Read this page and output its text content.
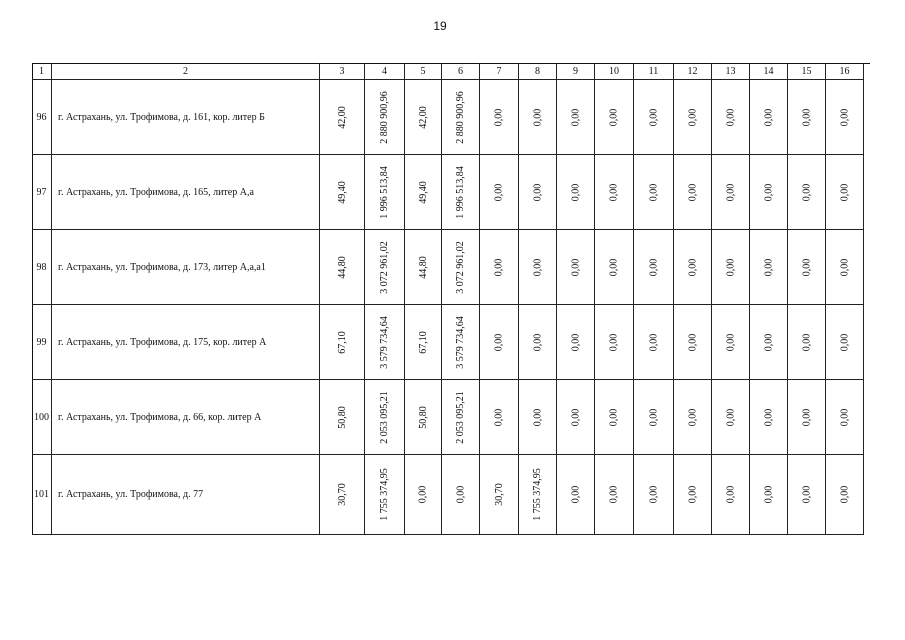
19
1	2	3	4	5	6	7	8	9	10	11	12	13	14	15	16
96	г. Астрахань, ул. Трофимова, д. 161, кор. литер Б	42,00	2 880 900,96	42,00	2 880 900,96	0,00	0,00	0,00	0,00	0,00	0,00	0,00	0,00	0,00	0,00
97	г. Астрахань, ул. Трофимова, д. 165, литер А,а	49,40	1 996 513,84	49,40	1 996 513,84	0,00	0,00	0,00	0,00	0,00	0,00	0,00	0,00	0,00	0,00
98	г. Астрахань, ул. Трофимова, д. 173, литер А,а,а1	44,80	3 072 961,02	44,80	3 072 961,02	0,00	0,00	0,00	0,00	0,00	0,00	0,00	0,00	0,00	0,00
99	г. Астрахань, ул. Трофимова, д. 175, кор. литер А	67,10	3 579 734,64	67,10	3 579 734,64	0,00	0,00	0,00	0,00	0,00	0,00	0,00	0,00	0,00	0,00
100 г. Астрахань, ул. Трофимова, д. 66, кор. литер А	50,80	2 053 095,21	50,80	2 053 095,21	0,00	0,00	0,00	0,00	0,00	0,00	0,00	0,00	0,00	0,00
101 г. Астрахань, ул. Трофимова, д. 77	30,70	1 755 374,95	0,00	0,00	30,70	1 755 374,95	0,00	0,00	0,00	0,00	0,00	0,00	0,00	0,00
